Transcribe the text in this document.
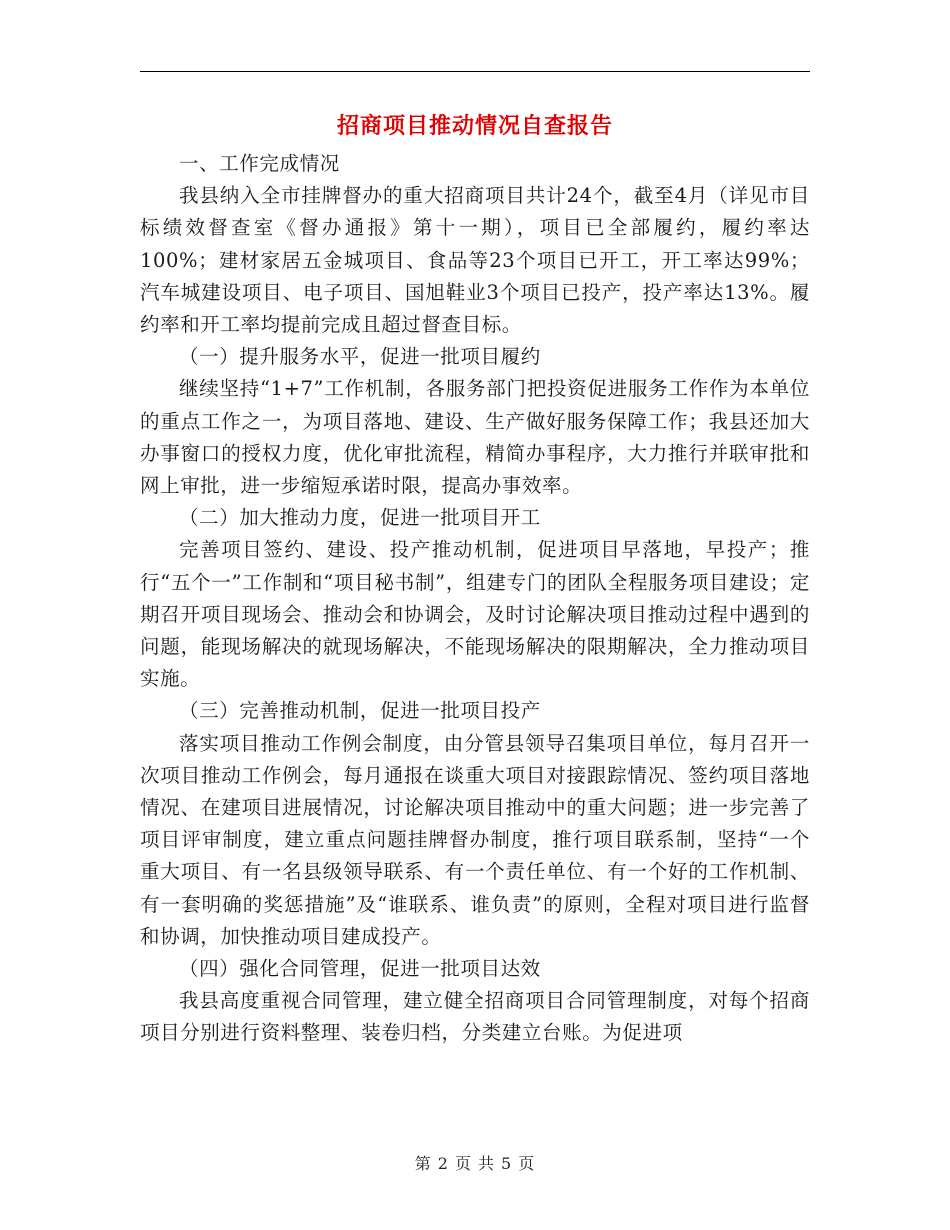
招商项目推动情况自查报告

一、工作完成情况

我县纳入全市挂牌督办的重大招商项目共计24个，截至4月（详见市目标绩效督查室《督办通报》第十一期），项目已全部履约，履约率达100%；建材家居五金城项目、食品等23个项目已开工，开工率达99%；汽车城建设项目、电子项目、国旭鞋业3个项目已投产，投产率达13%。履约率和开工率均提前完成且超过督查目标。

（一）提升服务水平，促进一批项目履约

继续坚持“1+7”工作机制，各服务部门把投资促进服务工作作为本单位的重点工作之一，为项目落地、建设、生产做好服务保障工作；我县还加大办事窗口的授权力度，优化审批流程，精简办事程序，大力推行并联审批和网上审批，进一步缩短承诺时限，提高办事效率。

（二）加大推动力度，促进一批项目开工

完善项目签约、建设、投产推动机制，促进项目早落地，早投产；推行“五个一”工作制和“项目秘书制”，组建专门的团队全程服务项目建设；定期召开项目现场会、推动会和协调会，及时讨论解决项目推动过程中遇到的问题，能现场解决的就现场解决，不能现场解决的限期解决，全力推动项目实施。

（三）完善推动机制，促进一批项目投产

落实项目推动工作例会制度，由分管县领导召集项目单位，每月召开一次项目推动工作例会，每月通报在谈重大项目对接跟踪情况、签约项目落地情况、在建项目进展情况，讨论解决项目推动中的重大问题；进一步完善了项目评审制度，建立重点问题挂牌督办制度，推行项目联系制，坚持“一个重大项目、有一名县级领导联系、有一个责任单位、有一个好的工作机制、有一套明确的奖惩措施”及“谁联系、谁负责”的原则，全程对项目进行监督和协调，加快推动项目建成投产。

（四）强化合同管理，促进一批项目达效

我县高度重视合同管理，建立健全招商项目合同管理制度，对每个招商项目分别进行资料整理、装卷归档，分类建立台账。为促进项

第 2 页 共 5 页
